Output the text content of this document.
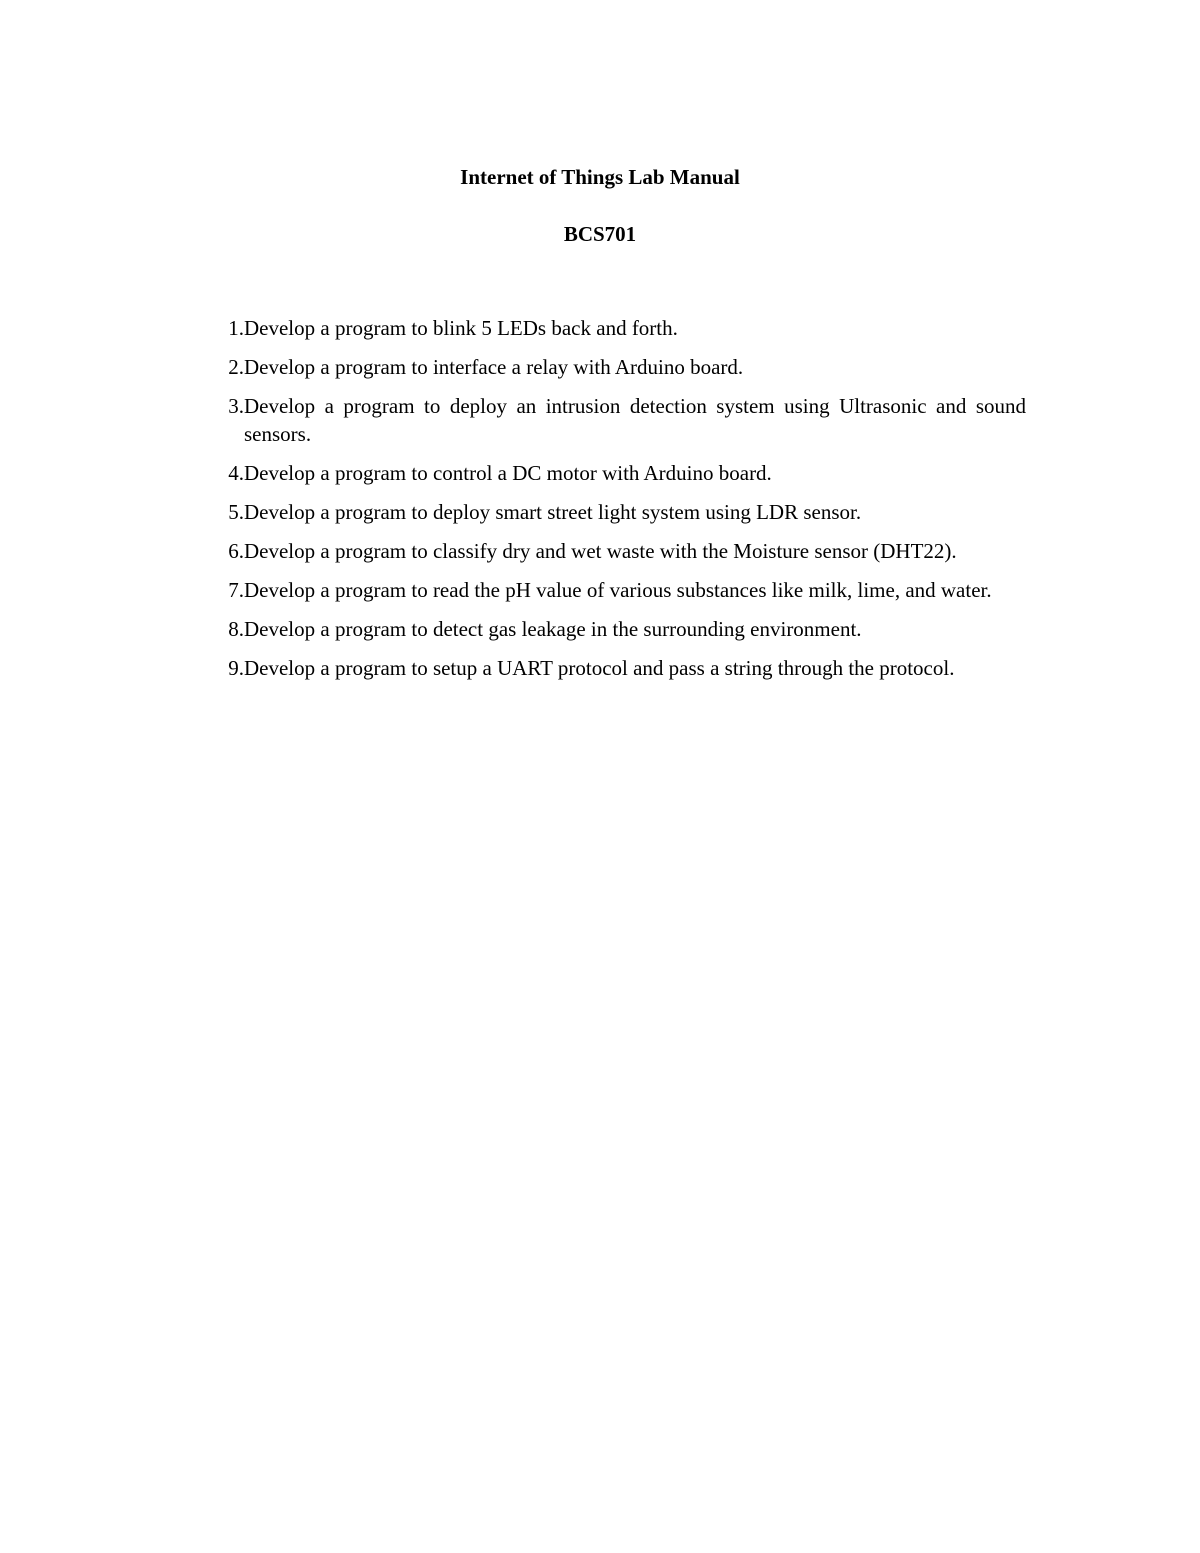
Internet of Things Lab Manual
BCS701
1. Develop a program to blink 5 LEDs back and forth.
2. Develop a program to interface a relay with Arduino board.
3. Develop a program to deploy an intrusion detection system using Ultrasonic and sound sensors.
4. Develop a program to control a DC motor with Arduino board.
5. Develop a program to deploy smart street light system using LDR sensor.
6. Develop a program to classify dry and wet waste with the Moisture sensor (DHT22).
7. Develop a program to read the pH value of various substances like milk, lime, and water.
8. Develop a program to detect gas leakage in the surrounding environment.
9. Develop a program to setup a UART protocol and pass a string through the protocol.
